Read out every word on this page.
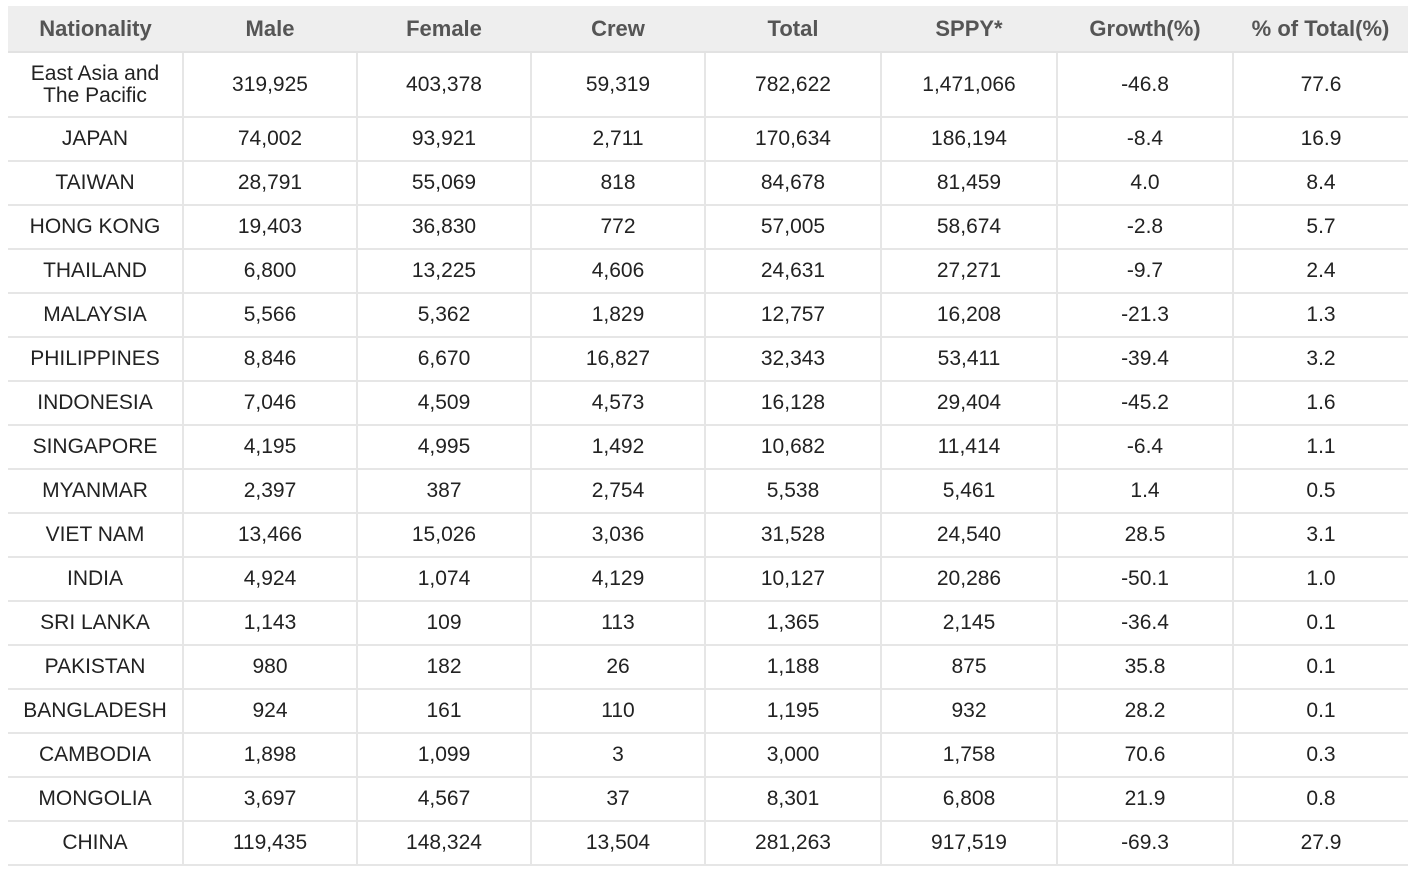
Nationality	Male	Female	Crew	Total	SPPY*	Growth(%)	% of Total(%)

East Asia and
The Pacific	319,925	403,378	59,319	782,622	1,471,066	-46.8	77.6
JAPAN	74,002	93,921	2,711	170,634	186,194	-8.4	16.9
TAIWAN	28,791	55,069	818	84,678	81,459	4.0	8.4
HONG KONG	19,403	36,830	772	57,005	58,674	-2.8	5.7
THAILAND	6,800	13,225	4,606	24,631	27,271	-9.7	2.4
MALAYSIA	5,566	5,362	1,829	12,757	16,208	-21.3	1.3
PHILIPPINES	8,846	6,670	16,827	32,343	53,411	-39.4	3.2
INDONESIA	7,046	4,509	4,573	16,128	29,404	-45.2	1.6
SINGAPORE	4,195	4,995	1,492	10,682	11,414	-6.4	1.1
MYANMAR	2,397	387	2,754	5,538	5,461	1.4	0.5
VIET NAM	13,466	15,026	3,036	31,528	24,540	28.5	3.1
INDIA	4,924	1,074	4,129	10,127	20,286	-50.1	1.0
SRI LANKA	1,143	109	113	1,365	2,145	-36.4	0.1
PAKISTAN	980	182	26	1,188	875	35.8	0.1
BANGLADESH	924	161	110	1,195	932	28.2	0.1
CAMBODIA	1,898	1,099	3	3,000	1,758	70.6	0.3
MONGOLIA	3,697	4,567	37	8,301	6,808	21.9	0.8
CHINA	119,435	148,324	13,504	281,263	917,519	-69.3	27.9
